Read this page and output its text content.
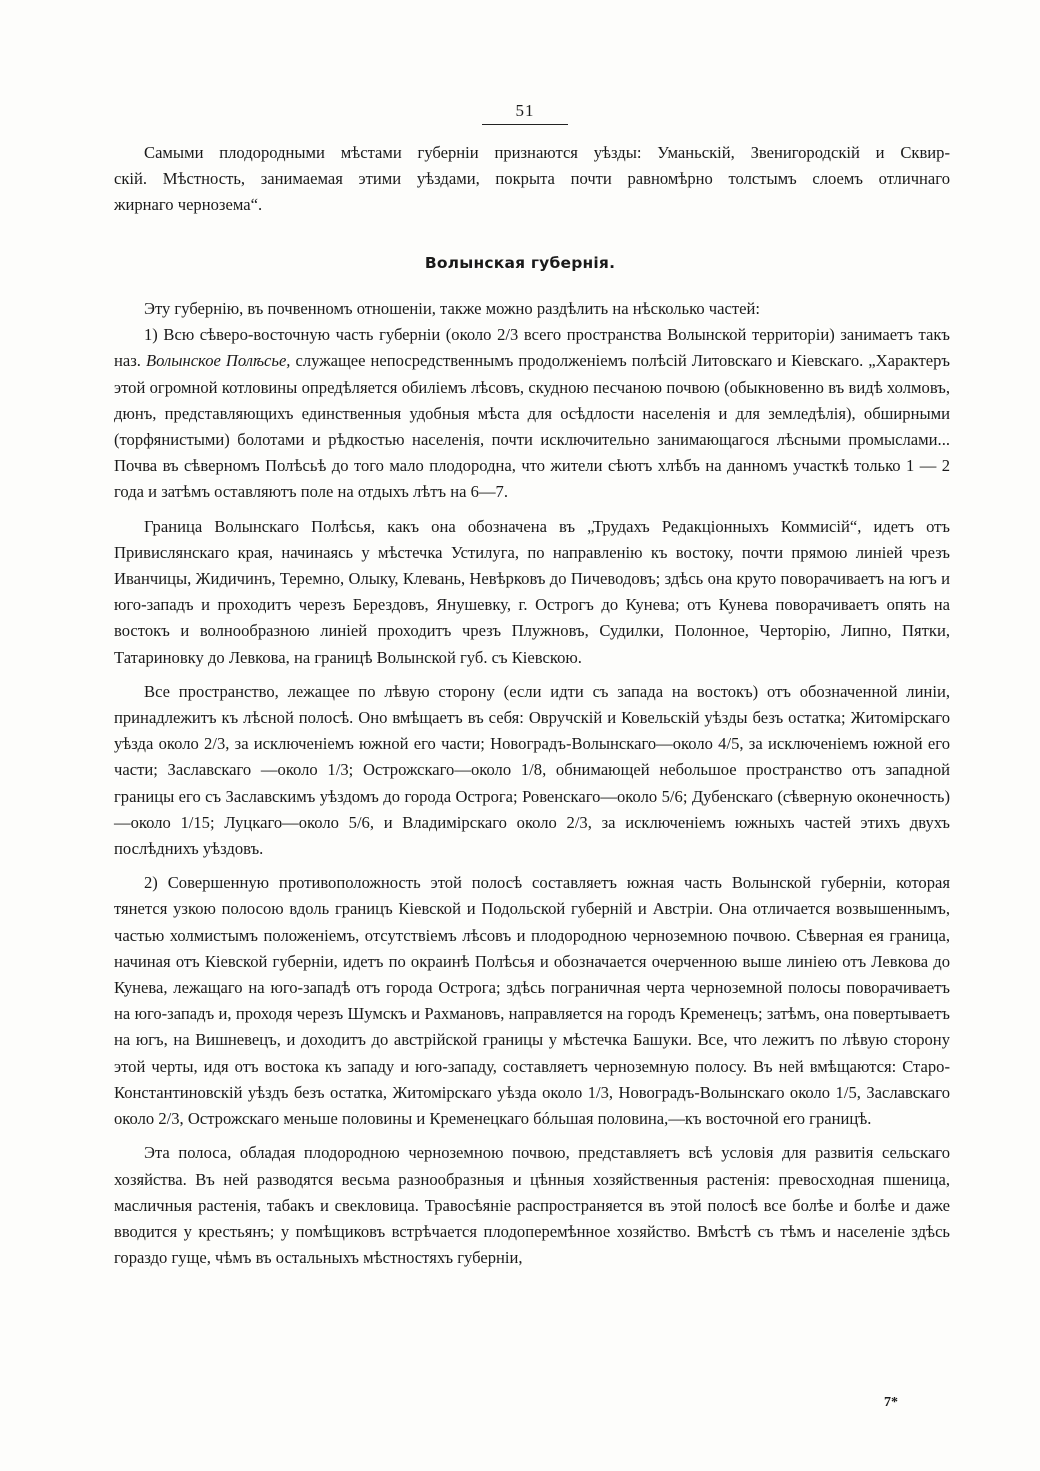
51

Самыми плодородными мѣстами губерніи признаются уѣзды: Уманьскій, Звенигородскій и Сквир-

скій. Мѣстность, занимаемая этими уѣздами, покрыта почти равномѣрно толстымъ слоемъ отличнаго

жирнаго чернозема“.

Волынская губернія.

Эту губернію, въ почвенномъ отношеніи, также можно раздѣлить на нѣсколько частей:

1) Всю сѣверо-восточную часть губерніи (около 2/3 всего пространства Волынской территоріи) занимаетъ такъ наз. Волынское Полѣсье, служащее непосредственнымъ продолженіемъ полѣсій Литовскаго и Кіевскаго. „Характеръ этой огромной котловины опредѣляется обиліемъ лѣсовъ, скудною песчаною почвою (обыкновенно въ видѣ холмовъ, дюнъ, представляющихъ единственныя удобныя мѣста для осѣдлости населенія и для земледѣлія), обширными (торфянистыми) болотами и рѣдкостью населенія, почти исключительно занимающагося лѣсными промыслами... Почва въ сѣверномъ Полѣсьѣ до того мало плодородна, что жители сѣютъ хлѣбъ на данномъ участкѣ только 1 — 2 года и затѣмъ оставляютъ поле на отдыхъ лѣтъ на 6—7.

Граница Волынскаго Полѣсья, какъ она обозначена въ „Трудахъ Редакціонныхъ Коммисій“, идетъ отъ Привислянскаго края, начинаясь у мѣстечка Устилуга, по направленію къ востоку, почти прямою линіей чрезъ Иванчицы, Жидичинъ, Теремно, Олыку, Клевань, Невѣрковъ до Пичеводовъ; здѣсь она круто поворачиваетъ на югъ и юго-западъ и проходитъ черезъ Берездовъ, Янушевку, г. Острогъ до Кунева; отъ Кунева поворачиваетъ опять на востокъ и волнообразною линіей проходитъ чрезъ Плужновъ, Судилки, Полонное, Черторію, Липно, Пятки, Татариновку до Левкова, на границѣ Волынской губ. съ Кіевскою.

Все пространство, лежащее по лѣвую сторону (если идти съ запада на востокъ) отъ обозначенной линіи, принадлежитъ къ лѣсной полосѣ. Оно вмѣщаетъ въ себя: Овручскій и Ковельскій уѣзды безъ остатка; Житомірскаго уѣзда около 2/3, за исключеніемъ южной его части; Новоградъ-Волынскаго—около 4/5, за исключеніемъ южной его части; Заславскаго —около 1/3; Острожскаго—около 1/8, обнимающей небольшое пространство отъ западной границы его съ Заславскимъ уѣздомъ до города Острога; Ровенскаго—около 5/6; Дубенскаго (сѣверную оконечность)—около 1/15; Луцкаго—около 5/6, и Владимірскаго около 2/3, за исключеніемъ южныхъ частей этихъ двухъ послѣднихъ уѣздовъ.

2) Совершенную противоположность этой полосѣ составляетъ южная часть Волынской губерніи, которая тянется узкою полосою вдоль границъ Кіевской и Подольской губерній и Австріи. Она отличается возвышеннымъ, частью холмистымъ положеніемъ, отсутствіемъ лѣсовъ и плодородною черноземною почвою. Сѣверная ея граница, начиная отъ Кіевской губерніи, идетъ по окраинѣ Полѣсья и обозначается очерченною выше линіею отъ Левкова до Кунева, лежащаго на юго-западѣ отъ города Острога; здѣсь пограничная черта черноземной полосы поворачиваетъ на юго-западъ и, проходя черезъ Шумскъ и Рахмановъ, направляется на городъ Кременецъ; затѣмъ, она повертываетъ на югъ, на Вишневецъ, и доходитъ до австрійской границы у мѣстечка Башуки. Все, что лежитъ по лѣвую сторону этой черты, идя отъ востока къ западу и юго-западу, составляетъ черноземную полосу. Въ ней вмѣщаются: Старо-Константиновскій уѣздъ безъ остатка, Житомірскаго уѣзда около 1/3, Новоградъ-Волынскаго около 1/5, Заславскаго около 2/3, Острожскаго меньше половины и Кременецкаго бóльшая половина,—къ восточной его границѣ.

Эта полоса, обладая плодородною черноземною почвою, представляетъ всѣ условія для развитія сельскаго хозяйства. Въ ней разводятся весьма разнообразныя и цѣнныя хозяйственныя растенія: превосходная пшеница, масличныя растенія, табакъ и свекловица. Травосѣяніе распространяется въ этой полосѣ все болѣе и болѣе и даже вводится у крестьянъ; у помѣщиковъ встрѣчается плодоперемѣнное хозяйство. Вмѣстѣ съ тѣмъ и населеніе здѣсь гораздо гуще, чѣмъ въ остальныхъ мѣстностяхъ губерніи,

7*
